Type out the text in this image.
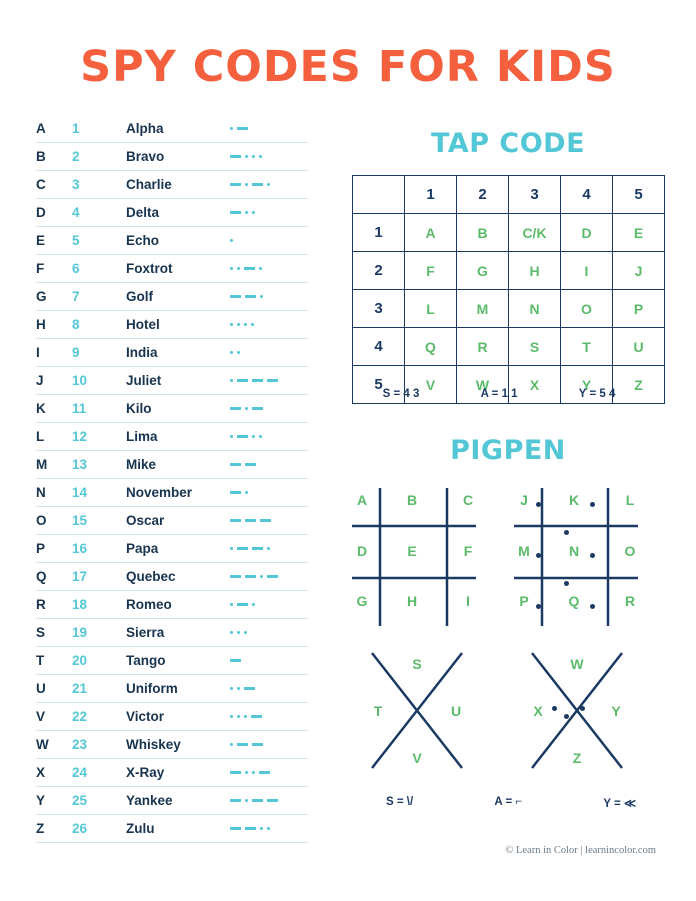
SPY CODES FOR KIDS
A	1	Alpha	

B	2	Bravo	

C	3	Charlie	

D	4	Delta	

E	5	Echo	

F	6	Foxtrot	

G	7	Golf	

H	8	Hotel	

I	9	India	

J	10	Juliet	

K	11	Kilo	

L	12	Lima	

M	13	Mike	

N	14	November	

O	15	Oscar	

P	16	Papa	

Q	17	Quebec	

R	18	Romeo	

S	19	Sierra	

T	20	Tango	

U	21	Uniform	

V	22	Victor	

W	23	Whiskey	

X	24	X-Ray	

Y	25	Yankee	

Z	26	Zulu	
TAP CODE
	1	2	3	4	5
1	A	B	C/K	D	E
2	F	G	H	I	J
3	L	M	N	O	P
4	Q	R	S	T	U
5	V	W	X	Y	Z
S = 4 3	A = 1 1	Y = 5 4
PIGPEN
A	B	C
D	E	F
G	H	I
J	K	L
M	N	O
P	Q	R
S
T	U
V
W
X	Y
Z
S = \/	A = ⌐	Y = ≪
© Learn in Color | learnincolor.com
